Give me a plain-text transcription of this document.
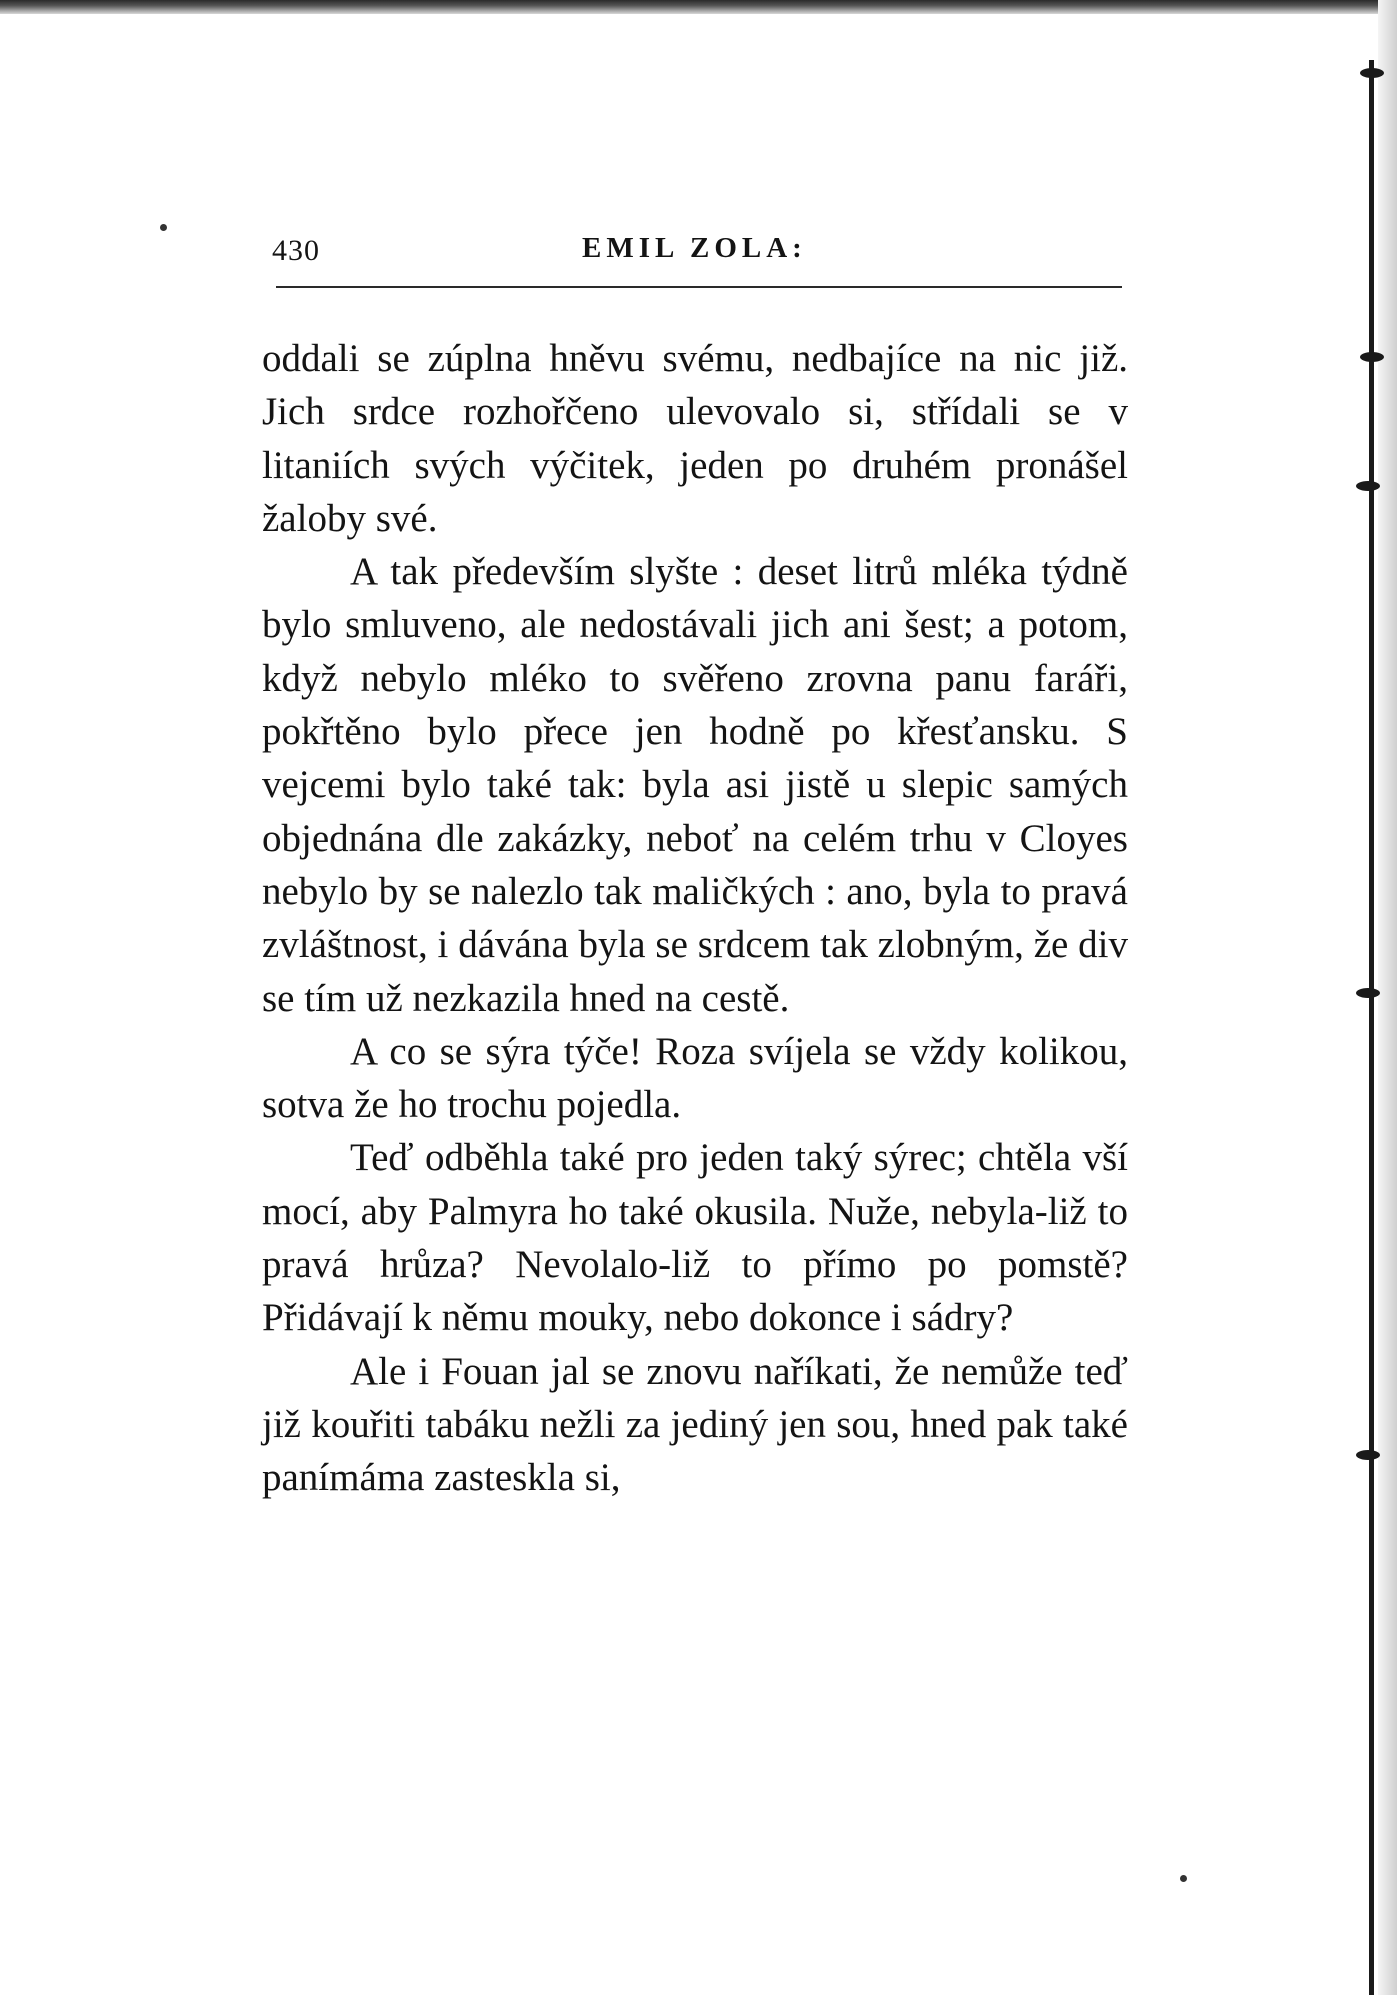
430	EMIL ZOLA:

oddali se zúplna hněvu svému, nedbajíce na nic již. Jich srdce rozhořčeno ulevovalo si, střídali se v litaniích svých výčitek, jeden po druhém pronášel žaloby své.

A tak především slyšte : deset litrů mléka týdně bylo smluveno, ale nedostávali jich ani šest; a potom, když nebylo mléko to svěřeno zrovna panu faráři, pokřtěno bylo přece jen hodně po křesťansku. S vejcemi bylo také tak: byla asi jistě u slepic samých objednána dle zakázky, neboť na celém trhu v Cloyes nebylo by se nalezlo tak maličkých : ano, byla to pravá zvláštnost, i dávána byla se srdcem tak zlobným, že div se tím už nezkazila hned na cestě.

A co se sýra týče! Roza svíjela se vždy kolikou, sotva že ho trochu pojedla.

Teď odběhla také pro jeden taký sýrec; chtěla vší mocí, aby Palmyra ho také okusila. Nuže, nebyla-liž to pravá hrůza? Nevolalo-liž to přímo po pomstě? Přidávají k němu mouky, nebo dokonce i sádry?

Ale i Fouan jal se znovu naříkati, že nemůže teď již kouřiti tabáku nežli za jediný jen sou, hned pak také panímáma zasteskla si,
